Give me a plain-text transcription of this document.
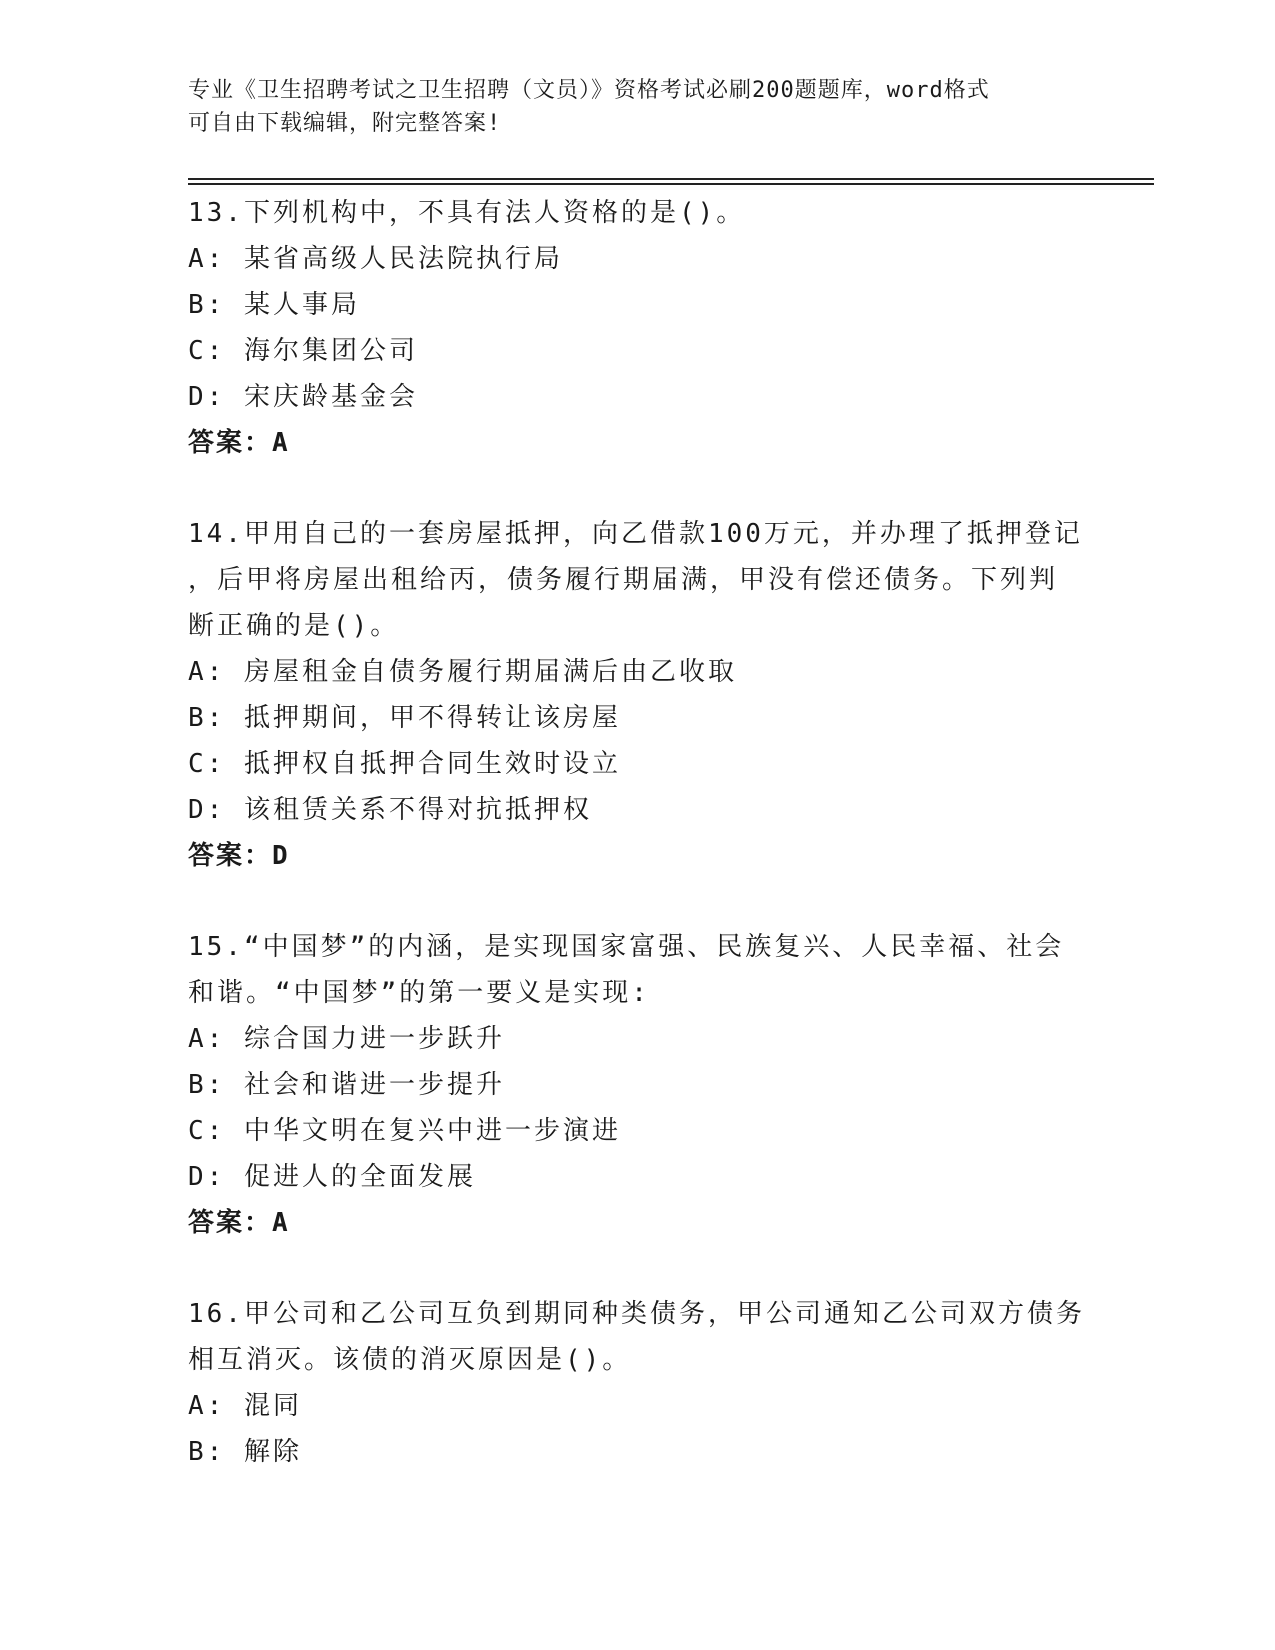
专业《卫生招聘考试之卫生招聘（文员）》资格考试必刷200题题库，word格式
可自由下载编辑，附完整答案!
13.下列机构中，不具有法人资格的是()。
A: 某省高级人民法院执行局
B: 某人事局
C: 海尔集团公司
D: 宋庆龄基金会
答案：A
14.甲用自己的一套房屋抵押，向乙借款100万元，并办理了抵押登记
，后甲将房屋出租给丙，债务履行期届满，甲没有偿还债务。下列判
断正确的是()。
A: 房屋租金自债务履行期届满后由乙收取
B: 抵押期间，甲不得转让该房屋
C: 抵押权自抵押合同生效时设立
D: 该租赁关系不得对抗抵押权
答案：D
15.“中国梦”的内涵，是实现国家富强、民族复兴、人民幸福、社会
和谐。“中国梦”的第一要义是实现:
A: 综合国力进一步跃升
B: 社会和谐进一步提升
C: 中华文明在复兴中进一步演进
D: 促进人的全面发展
答案：A
16.甲公司和乙公司互负到期同种类债务，甲公司通知乙公司双方债务
相互消灭。该债的消灭原因是()。
A: 混同
B: 解除
